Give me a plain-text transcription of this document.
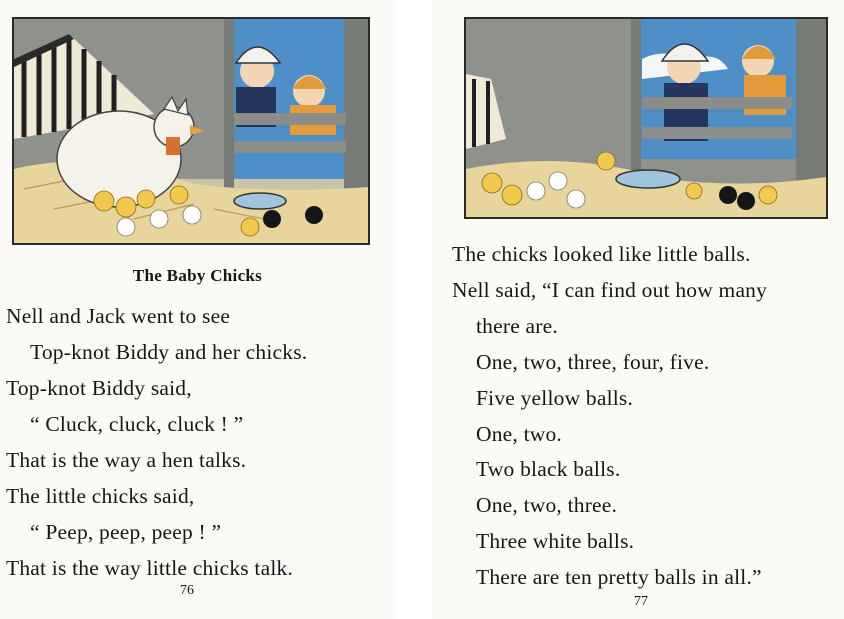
The Baby Chicks
Nell and Jack went to see
Top-knot Biddy and her chicks.
Top-knot Biddy said,
“ Cluck, cluck, cluck ! ”
That is the way a hen talks.
The little chicks said,
“ Peep, peep, peep ! ”
That is the way little chicks talk.
76
The chicks looked like little balls.
Nell said, “I can find out how many
there are.
One, two, three, four, five.
Five yellow balls.
One, two.
Two black balls.
One, two, three.
Three white balls.
There are ten pretty balls in all.”
77
